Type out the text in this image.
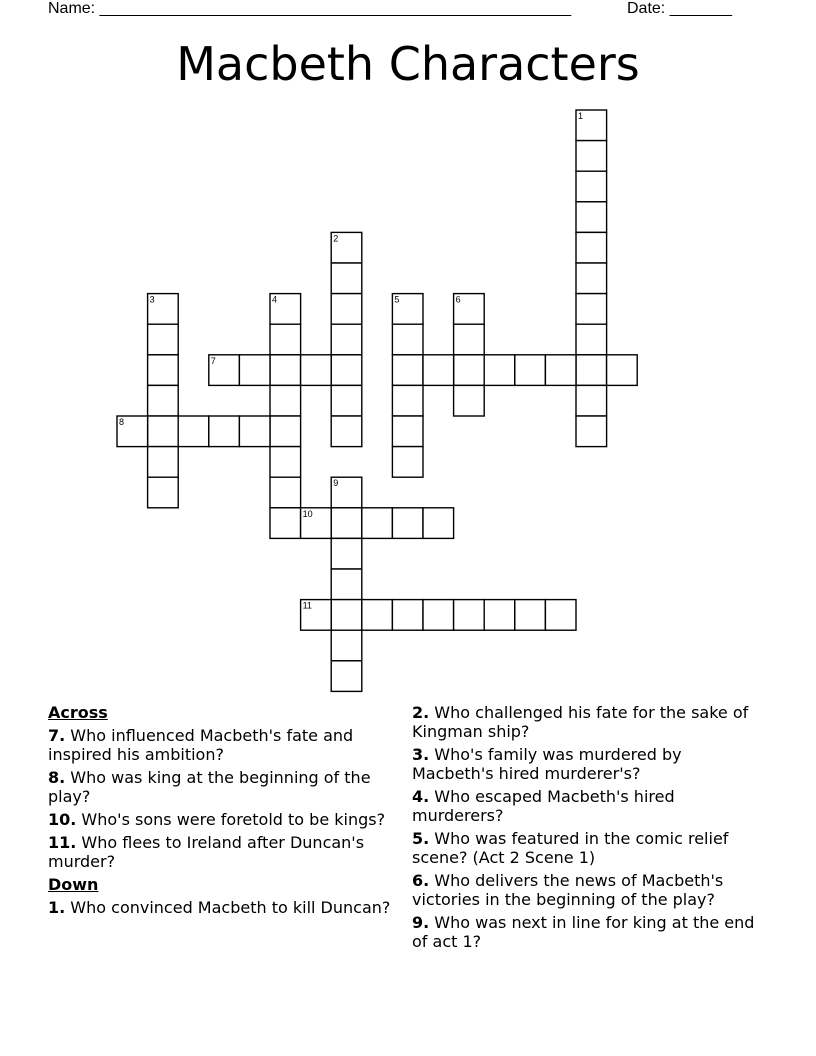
Name: _____________________________________________________	Date: _______
Macbeth Characters
1
2
3	4	5	6
7
8
9
10
11
Across
7. Who influenced Macbeth's fate and inspired his ambition?
8. Who was king at the beginning of the play?
10. Who's sons were foretold to be kings?
11. Who flees to Ireland after Duncan's murder?
Down
1. Who convinced Macbeth to kill Duncan?
2. Who challenged his fate for the sake of Kingman ship?
3. Who's family was murdered by Macbeth's hired murderer's?
4. Who escaped Macbeth's hired murderers?
5. Who was featured in the comic relief scene? (Act 2 Scene 1)
6. Who delivers the news of Macbeth's victories in the beginning of the play?
9. Who was next in line for king at the end of act 1?
